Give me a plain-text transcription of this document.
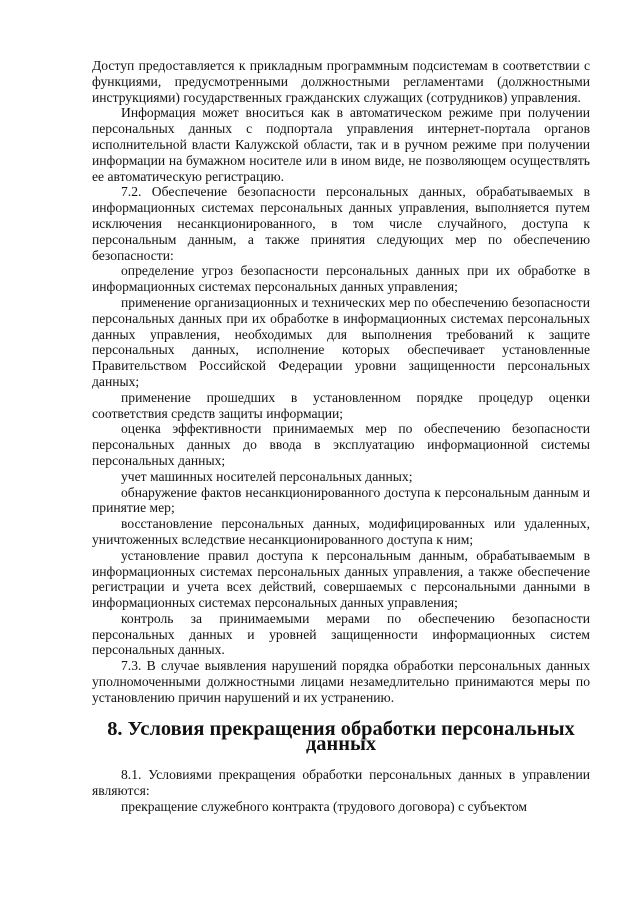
Доступ предоставляется к прикладным программным подсистемам в соответствии с функциями, предусмотренными должностными регламентами (должностными инструкциями) государственных гражданских служащих (сотрудников) управления.

Информация может вноситься как в автоматическом режиме при получении персональных данных с подпортала управления интернет-портала органов исполнительной власти Калужской области, так и в ручном режиме при получении информации на бумажном носителе или в ином виде, не позволяющем осуществлять ее автоматическую регистрацию.

7.2. Обеспечение безопасности персональных данных, обрабатываемых в информационных системах персональных данных управления, выполняется путем исключения несанкционированного, в том числе случайного, доступа к персональным данным, а также принятия следующих мер по обеспечению безопасности:

определение угроз безопасности персональных данных при их обработке в информационных системах персональных данных управления;

применение организационных и технических мер по обеспечению безопасности персональных данных при их обработке в информационных системах персональных данных управления, необходимых для выполнения требований к защите персональных данных, исполнение которых обеспечивает установленные Правительством Российской Федерации уровни защищенности персональных данных;

применение прошедших в установленном порядке процедур оценки соответствия средств защиты информации;

оценка эффективности принимаемых мер по обеспечению безопасности персональных данных до ввода в эксплуатацию информационной системы персональных данных;

учет машинных носителей персональных данных;

обнаружение фактов несанкционированного доступа к персональным данным и принятие мер;

восстановление персональных данных, модифицированных или удаленных, уничтоженных вследствие несанкционированного доступа к ним;

установление правил доступа к персональным данным, обрабатываемым в информационных системах персональных данных управления, а также обеспечение регистрации и учета всех действий, совершаемых с персональными данными в информационных системах персональных данных управления;

контроль за принимаемыми мерами по обеспечению безопасности персональных данных и уровней защищенности информационных систем персональных данных.

7.3. В случае выявления нарушений порядка обработки персональных данных уполномоченными должностными лицами незамедлительно принимаются меры по установлению причин нарушений и их устранению.

8. Условия прекращения обработки персональных данных

8.1. Условиями прекращения обработки персональных данных в управлении являются:

прекращение служебного контракта (трудового договора) с субъектом
